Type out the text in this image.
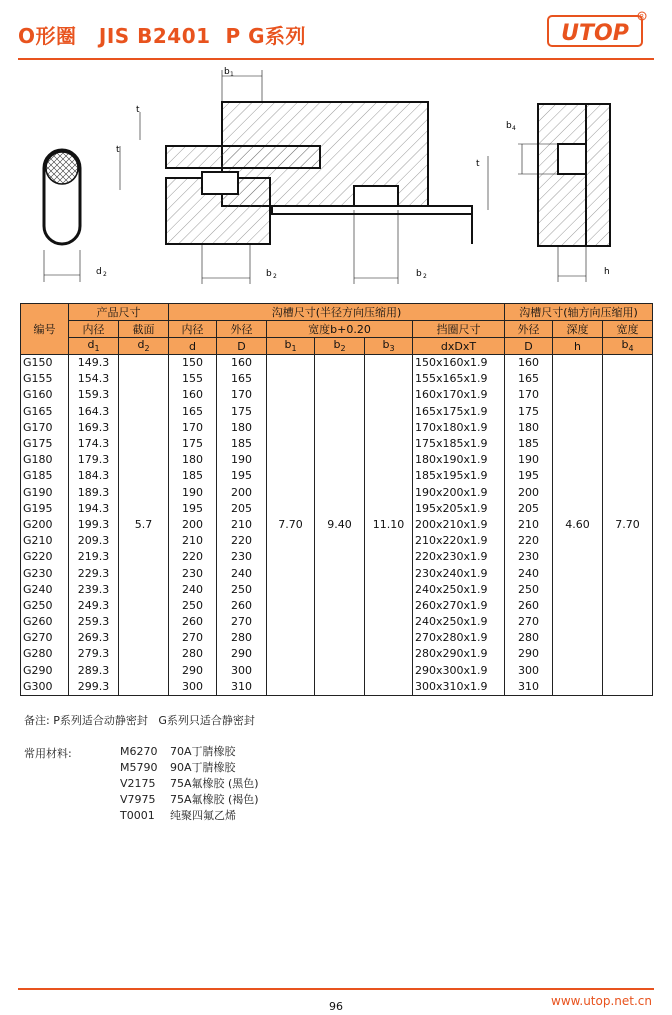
O形圈   JIS B2401  P G系列	UTOP
R
d 2
b 1
b 2	b 2
t
t
t
b 4
h
编号	产品尺寸		沟槽尺寸(半径方向压缩用)						沟槽尺寸(轴方向压缩用)		
	内径	截面	内径	外径	宽度b+0.20			挡圈尺寸	外径	深度	宽度
	$d_1$	$d_2$	d	D	$b_1$	$b_2$	$b_3$	dxDxT	D	h	$b_4$
G150	149.3		150	160				150x160x1.9	160		
G155	154.3		155	165				155x165x1.9	165		
G160	159.3		160	170				160x170x1.9	170		
G165	164.3		165	175				165x175x1.9	175		
G170	169.3		170	180				170x180x1.9	180		
G175	174.3		175	185				175x185x1.9	185		
G180	179.3		180	190				180x190x1.9	190		
G185	184.3		185	195				185x195x1.9	195		
G190	189.3		190	200				190x200x1.9	200		
G195	194.3		195	205				195x205x1.9	205		
G200	199.3	5.7	200	210	7.70	9.40	11.10	200x210x1.9	210	4.60	7.70
G210	209.3		210	220				210x220x1.9	220		
G220	219.3		220	230				220x230x1.9	230		
G230	229.3		230	240				230x240x1.9	240		
G240	239.3		240	250				240x250x1.9	250		
G250	249.3		250	260				260x270x1.9	260		
G260	259.3		260	270				240x250x1.9	270		
G270	269.3		270	280				270x280x1.9	280		
G280	279.3		280	290				280x290x1.9	290		
G290	289.3		290	300				290x300x1.9	300		
G300	299.3		300	310				300x310x1.9	310		
备注: P系列适合动静密封   G系列只适合静密封
常用材料:	M6270 70A丁腈橡胶
M5790 90A丁腈橡胶
V2175 75A氟橡胶 (黑色)
V7975 75A氟橡胶 (褐色)
T0001 纯聚四氟乙烯
96	www.utop.net.cn
